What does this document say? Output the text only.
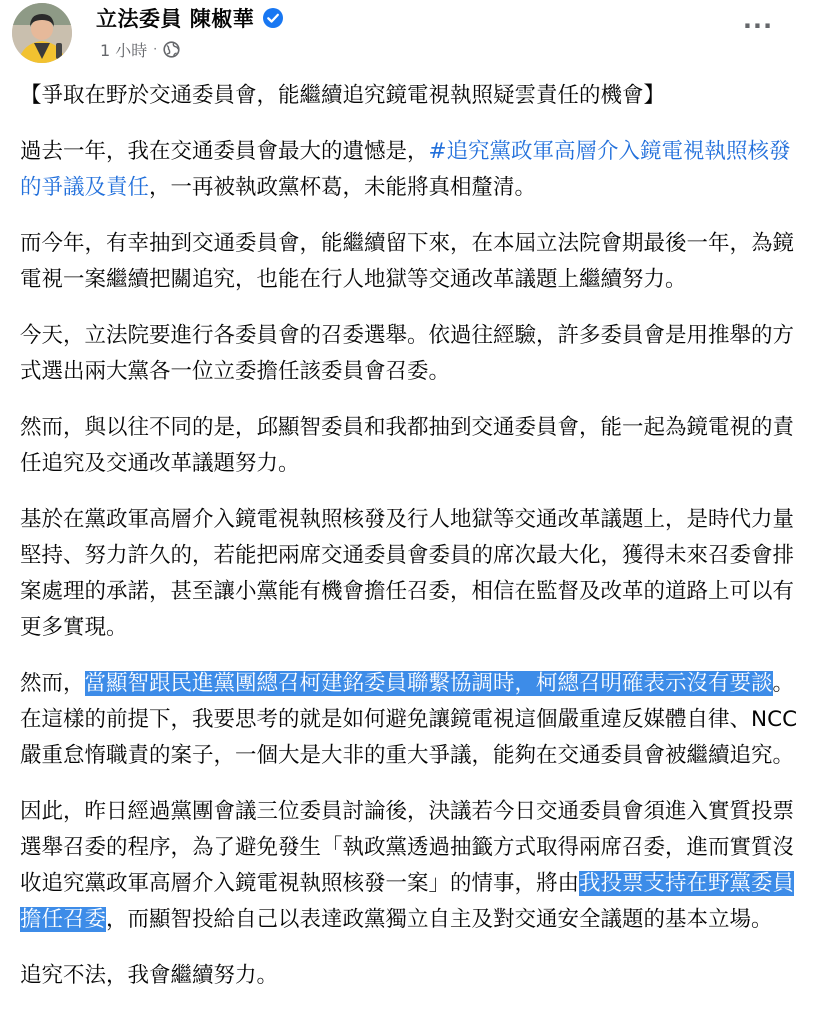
立法委員 陳椒華
1 小時 ·
···

【爭取在野於交通委員會，能繼續追究鏡電視執照疑雲責任的機會】

過去一年，我在交通委員會最大的遺憾是，#追究黨政軍高層介入鏡電視執照核發的爭議及責任，一再被執政黨杯葛，未能將真相釐清。

而今年，有幸抽到交通委員會，能繼續留下來，在本屆立法院會期最後一年，為鏡電視一案繼續把關追究，也能在行人地獄等交通改革議題上繼續努力。

今天，立法院要進行各委員會的召委選舉。依過往經驗，許多委員會是用推舉的方式選出兩大黨各一位立委擔任該委員會召委。

然而，與以往不同的是，邱顯智委員和我都抽到交通委員會，能一起為鏡電視的責任追究及交通改革議題努力。

基於在黨政軍高層介入鏡電視執照核發及行人地獄等交通改革議題上，是時代力量堅持、努力許久的，若能把兩席交通委員會委員的席次最大化，獲得未來召委會排案處理的承諾，甚至讓小黨能有機會擔任召委，相信在監督及改革的道路上可以有更多實現。

然而，當顯智跟民進黨團總召柯建銘委員聯繫協調時，柯總召明確表示沒有要談。在這樣的前提下，我要思考的就是如何避免讓鏡電視這個嚴重違反媒體自律、NCC嚴重怠惰職責的案子，一個大是大非的重大爭議，能夠在交通委員會被繼續追究。

因此，昨日經過黨團會議三位委員討論後，決議若今日交通委員會須進入實質投票選舉召委的程序，為了避免發生「執政黨透過抽籤方式取得兩席召委，進而實質沒收追究黨政軍高層介入鏡電視執照核發一案」的情事，將由我投票支持在野黨委員擔任召委，而顯智投給自己以表達政黨獨立自主及對交通安全議題的基本立場。

追究不法，我會繼續努力。
